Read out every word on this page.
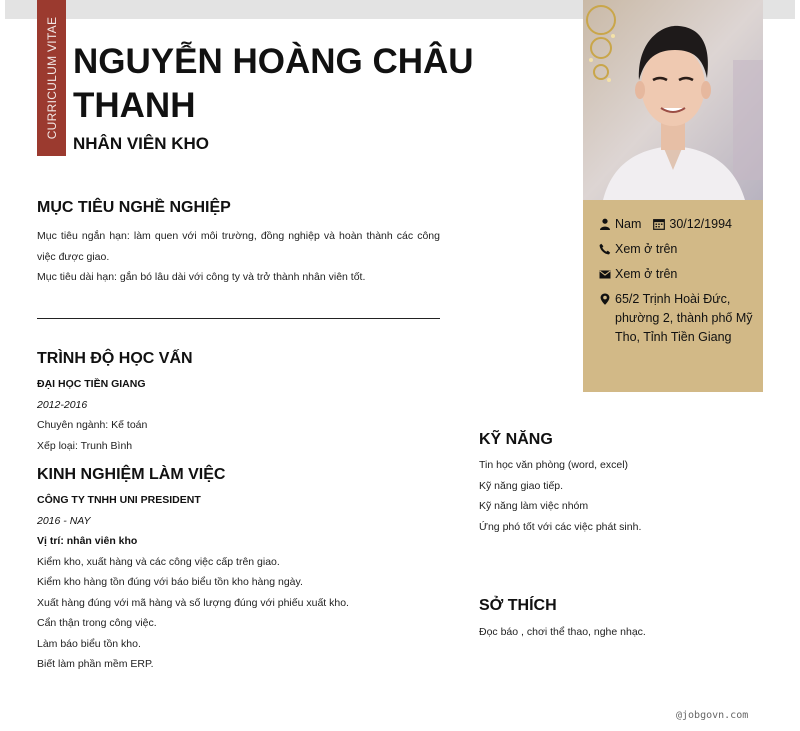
CURRICULUM VITAE NGUYỄN HOÀNG CHÂU THANH
NHÂN VIÊN KHO
Nam 30/12/1994
Xem ở trên
Xem ở trên
65/2 Trịnh Hoài Đức, phường 2, thành phố Mỹ Tho, Tỉnh Tiền Giang
MỤC TIÊU NGHỀ NGHIỆP

Mục tiêu ngắn hạn: làm quen với môi trường, đồng nghiệp và hoàn thành các công việc được giao.

Mục tiêu dài hạn: gắn bó lâu dài với công ty và trở thành nhân viên tốt.

TRÌNH ĐỘ HỌC VẤN

ĐẠI HỌC TIỀN GIANG

2012-2016

Chuyên ngành: Kế toán

Xếp loại: Trunh Bình

KINH NGHIỆM LÀM VIỆC

CÔNG TY TNHH UNI PRESIDENT

2016 - NAY

Vị trí: nhân viên kho

Kiểm kho, xuất hàng và các công việc cấp trên giao.

Kiểm kho hàng tồn đúng với báo biểu tồn kho hàng ngày.

Xuất hàng đúng với mã hàng và số lượng đúng với phiếu xuất kho.

Cẩn thận trong công việc.

Làm báo biểu tồn kho.

Biết làm phần mềm ERP.

KỸ NĂNG

Tin học văn phòng (word, excel)

Kỹ năng giao tiếp.

Kỹ năng làm việc nhóm

Ứng phó tốt với các việc phát sinh.

SỞ THÍCH
Đọc báo , chơi thể thao, nghe nhạc.
@jobgovn.com
